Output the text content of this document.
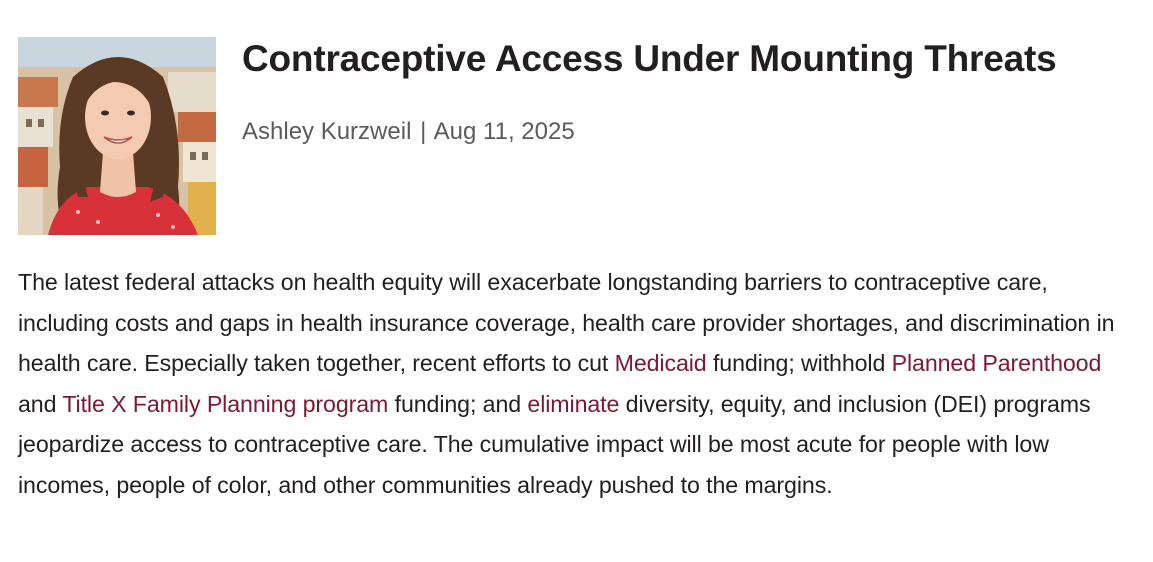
Contraceptive Access Under Mounting Threats
Ashley Kurzweil | Aug 11, 2025

The latest federal attacks on health equity will exacerbate longstanding barriers to contraceptive care, including costs and gaps in health insurance coverage, health care provider shortages, and discrimination in health care. Especially taken together, recent efforts to cut Medicaid funding; withhold Planned Parenthood and Title X Family Planning program funding; and eliminate diversity, equity, and inclusion (DEI) programs jeopardize access to contraceptive care. The cumulative impact will be most acute for people with low incomes, people of color, and other communities already pushed to the margins.
